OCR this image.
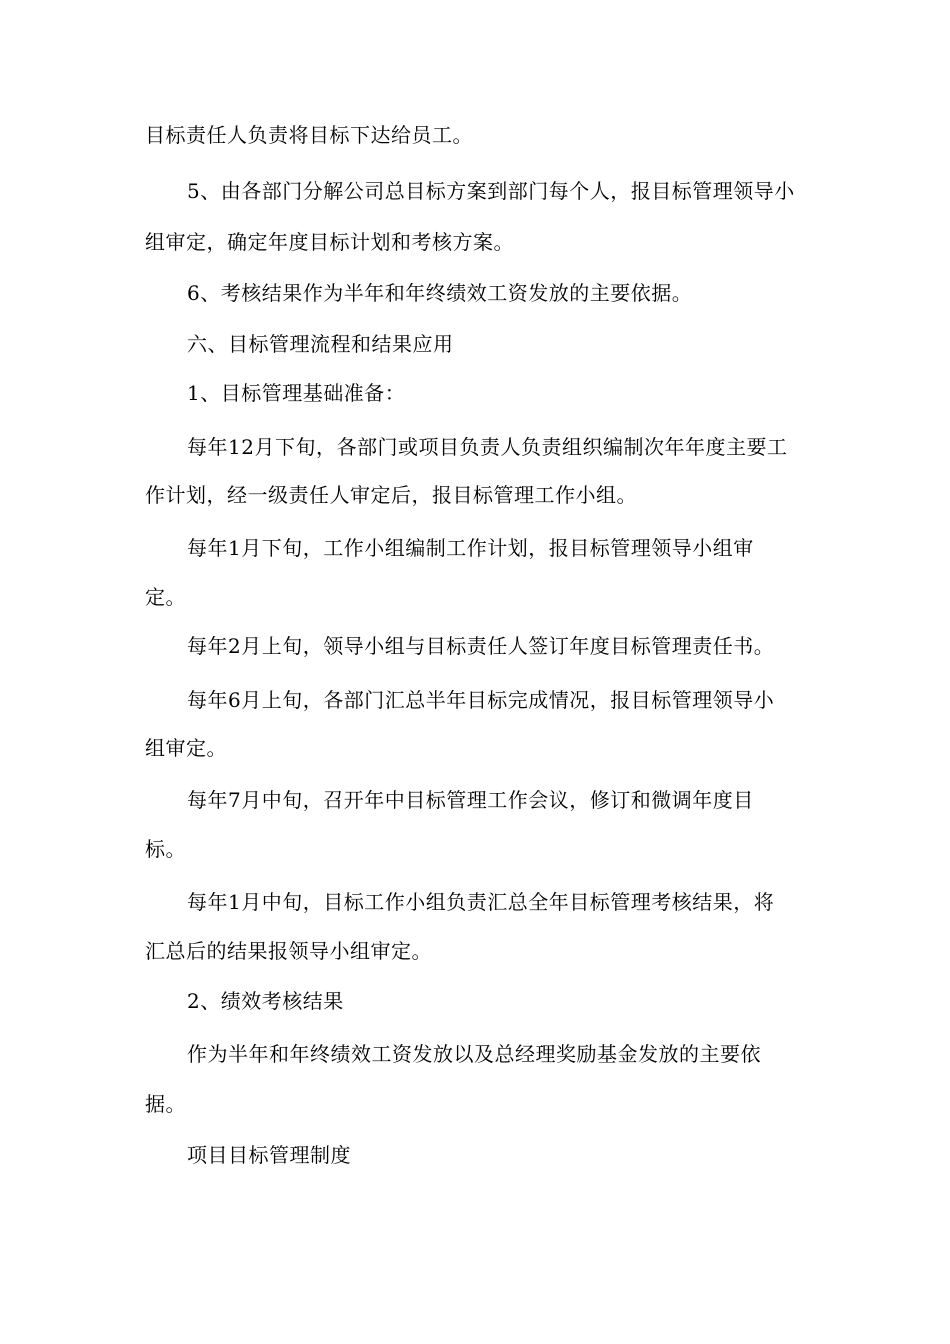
目标责任人负责将目标下达给员工。
5、由各部门分解公司总目标方案到部门每个人，报目标管理领导小
组审定，确定年度目标计划和考核方案。
6、考核结果作为半年和年终绩效工资发放的主要依据。
六、目标管理流程和结果应用
1、目标管理基础准备：
每年12月下旬，各部门或项目负责人负责组织编制次年年度主要工
作计划，经一级责任人审定后，报目标管理工作小组。
每年1月下旬，工作小组编制工作计划，报目标管理领导小组审
定。
每年2月上旬，领导小组与目标责任人签订年度目标管理责任书。
每年6月上旬，各部门汇总半年目标完成情况，报目标管理领导小
组审定。
每年7月中旬，召开年中目标管理工作会议，修订和微调年度目
标。
每年1月中旬，目标工作小组负责汇总全年目标管理考核结果，将
汇总后的结果报领导小组审定。
2、绩效考核结果
作为半年和年终绩效工资发放以及总经理奖励基金发放的主要依
据。
项目目标管理制度
